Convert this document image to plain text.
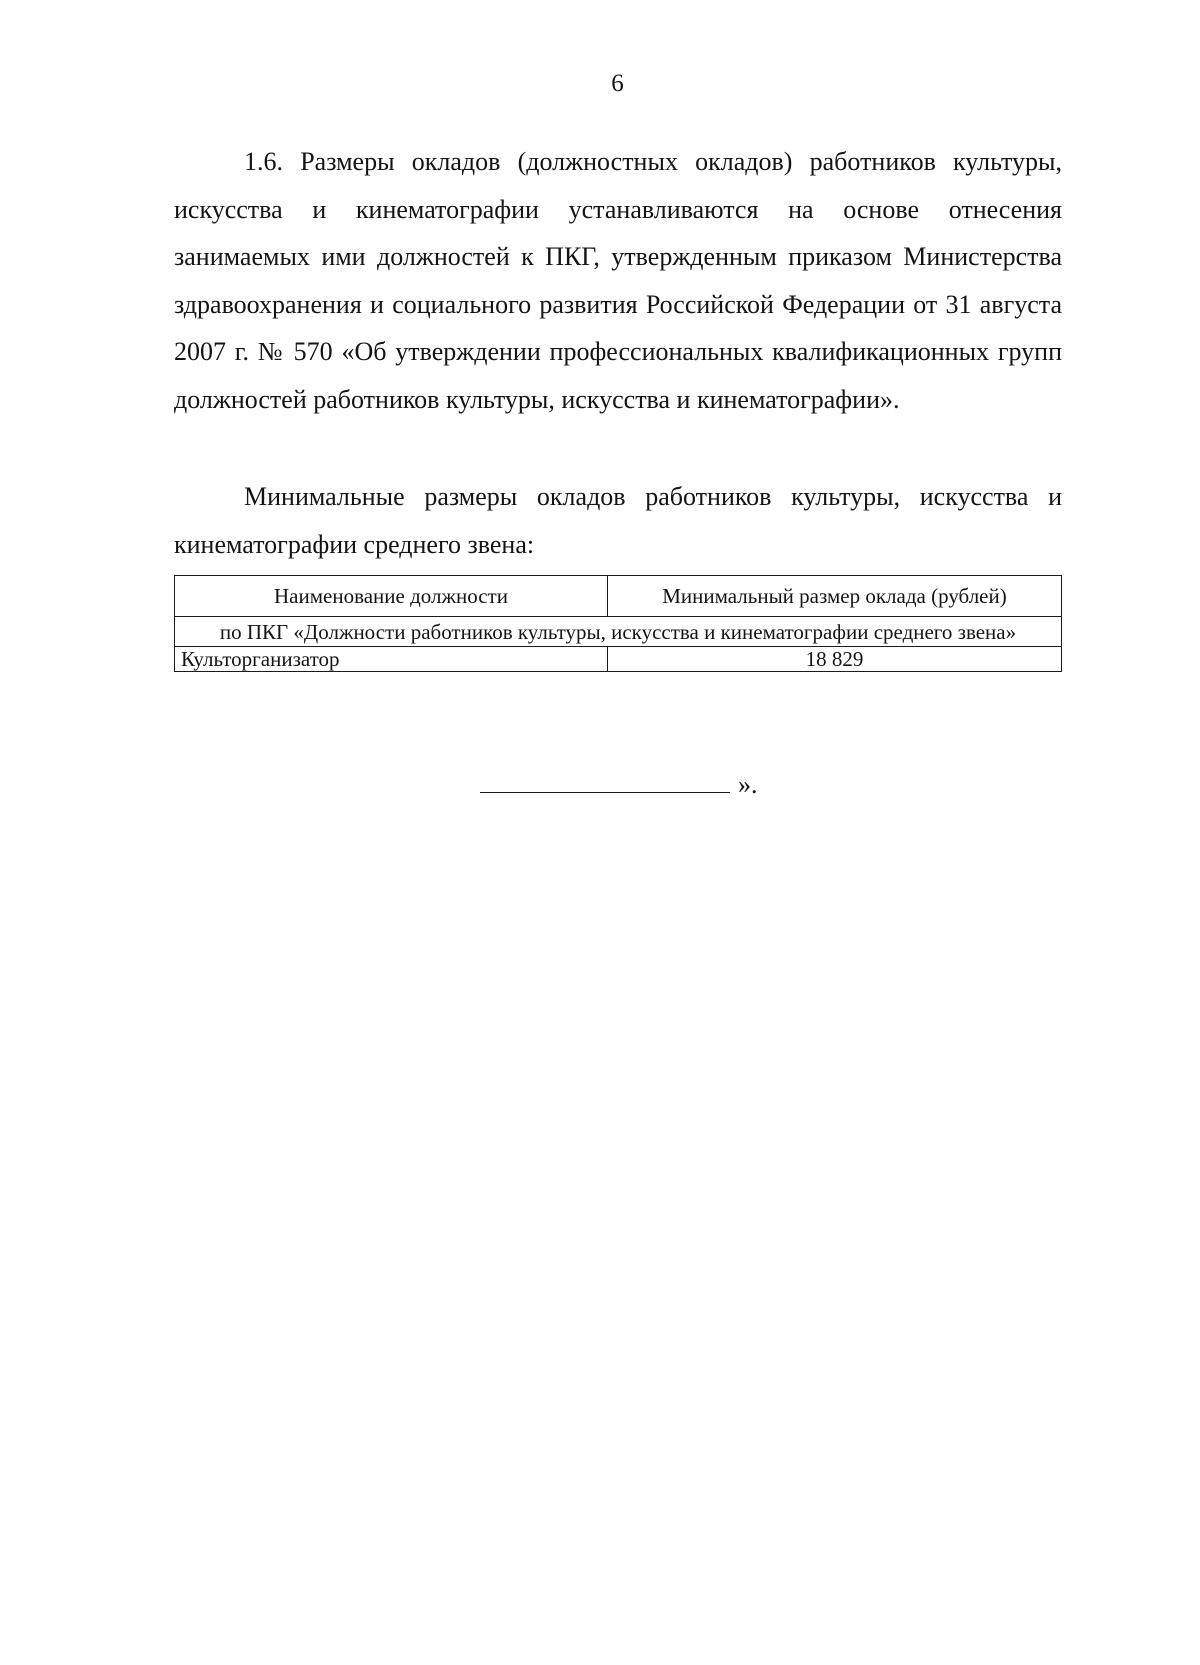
6

1.6. Размеры окладов (должностных окладов) работников культуры, искусства и кинематографии устанавливаются на основе отнесения занимаемых ими должностей к ПКГ, утвержденным приказом Министерства здравоохранения и социального развития Российской Федерации от 31 августа 2007 г. № 570 «Об утверждении профессиональных квалификационных групп должностей работников культуры, искусства и кинематографии».

Минимальные размеры окладов работников культуры, искусства и кинематографии среднего звена:

Наименование должности	Минимальный размер оклада (рублей)
по ПКГ «Должности работников культуры, искусства и кинематографии среднего звена»	
Культорганизатор	18 829
».
